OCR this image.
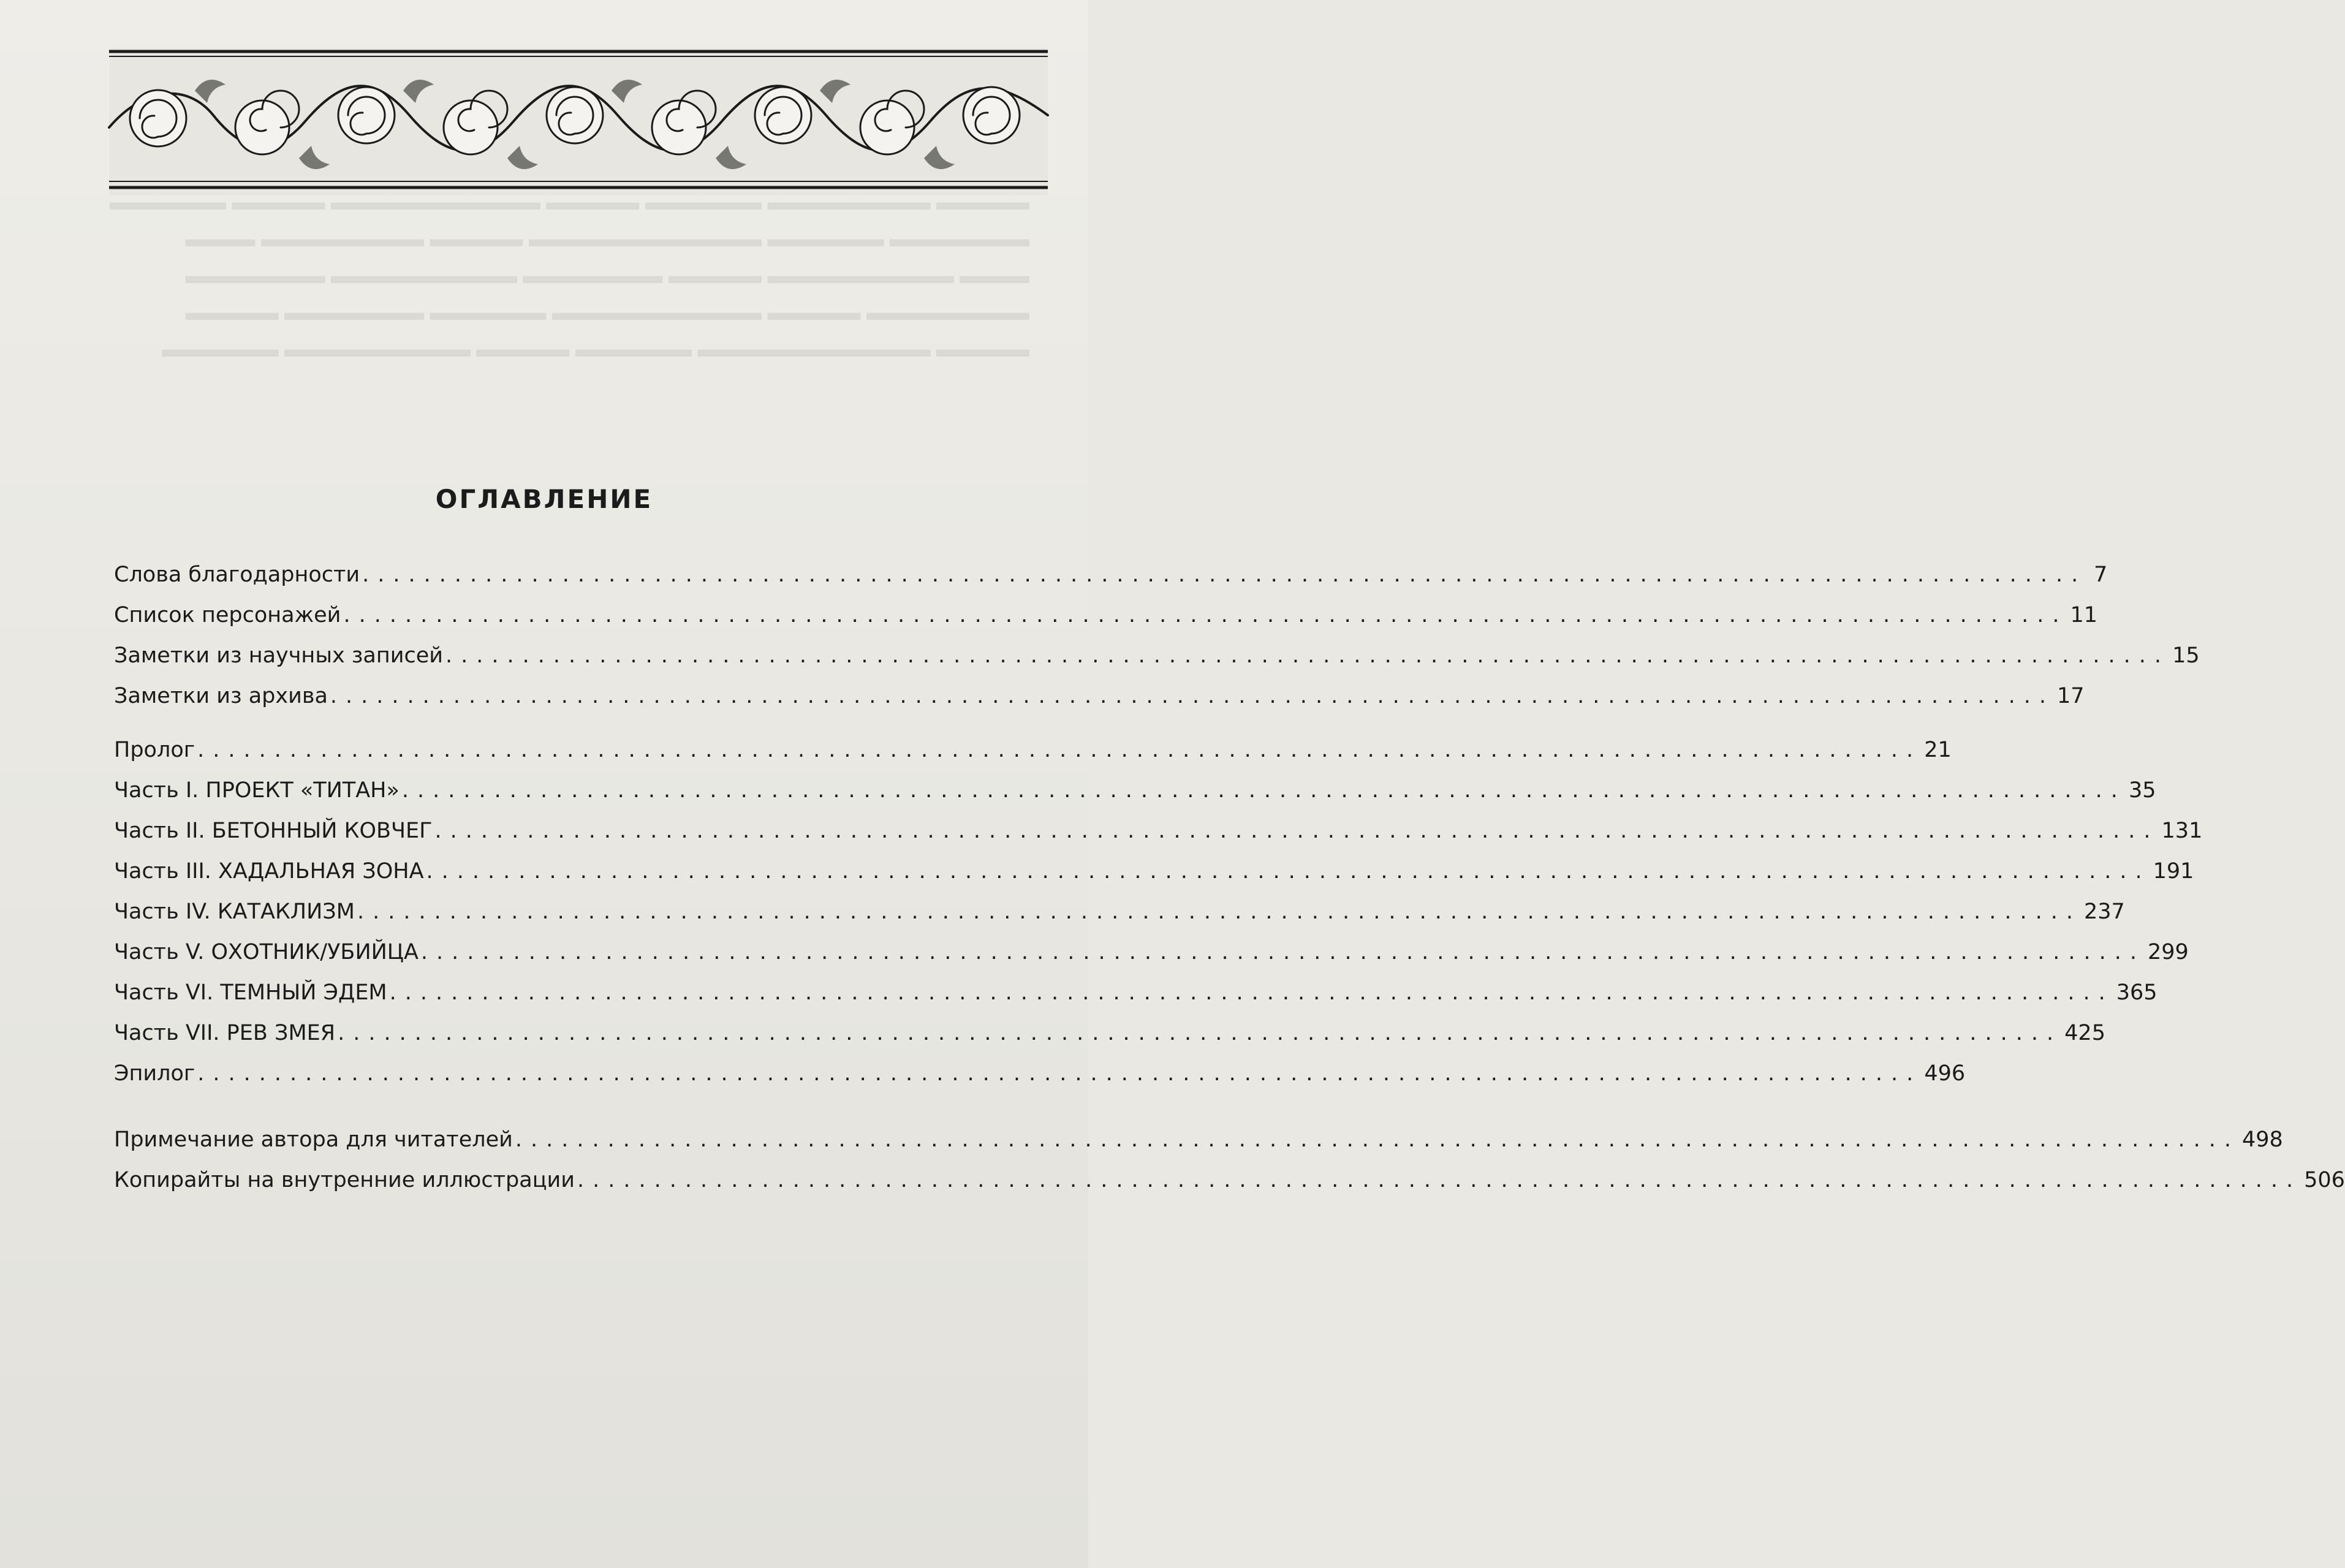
▬▬▬▬ ▬▬▬▬▬▬▬ ▬▬▬▬▬ ▬▬▬▬ ▬▬▬▬▬▬▬▬▬ ▬▬▬▬ ▬▬▬▬▬
▬▬▬▬▬▬ ▬▬▬▬▬ ▬▬▬▬▬▬▬▬▬▬ ▬▬▬▬ ▬▬▬▬▬▬▬ ▬▬▬
▬▬▬ ▬▬▬▬▬▬▬▬ ▬▬▬▬ ▬▬▬▬▬▬ ▬▬▬▬▬▬▬▬ ▬▬▬▬▬▬
▬▬▬▬▬▬▬ ▬▬▬▬ ▬▬▬▬▬▬▬▬▬ ▬▬▬▬▬ ▬▬▬▬▬▬ ▬▬▬▬
▬▬▬▬ ▬▬▬▬▬▬▬▬▬▬ ▬▬▬▬▬ ▬▬▬▬ ▬▬▬▬▬▬▬▬ ▬▬▬▬▬
ОГЛАВЛЕНИЕ
Слова благодарности ................................................................................................................ 7
Список персонажей ................................................................................................................ 11
Заметки из научных записей ................................................................................................................ 15
Заметки из архива ................................................................................................................ 17
Пролог ................................................................................................................ 21
Часть I. ПРОЕКТ «ТИТАН» ................................................................................................................ 35
Часть II. БЕТОННЫЙ КОВЧЕГ ................................................................................................................ 131
Часть III. ХАДАЛЬНАЯ ЗОНА ................................................................................................................ 191
Часть IV. КАТАКЛИЗМ ................................................................................................................ 237
Часть V. ОХОТНИК/УБИЙЦА ................................................................................................................ 299
Часть VI. ТЕМНЫЙ ЭДЕМ ................................................................................................................ 365
Часть VII. РЕВ ЗМЕЯ ................................................................................................................ 425
Эпилог ................................................................................................................ 496
Примечание автора для читателей ................................................................................................................ 498
Копирайты на внутренние иллюстрации ................................................................................................................ 506
